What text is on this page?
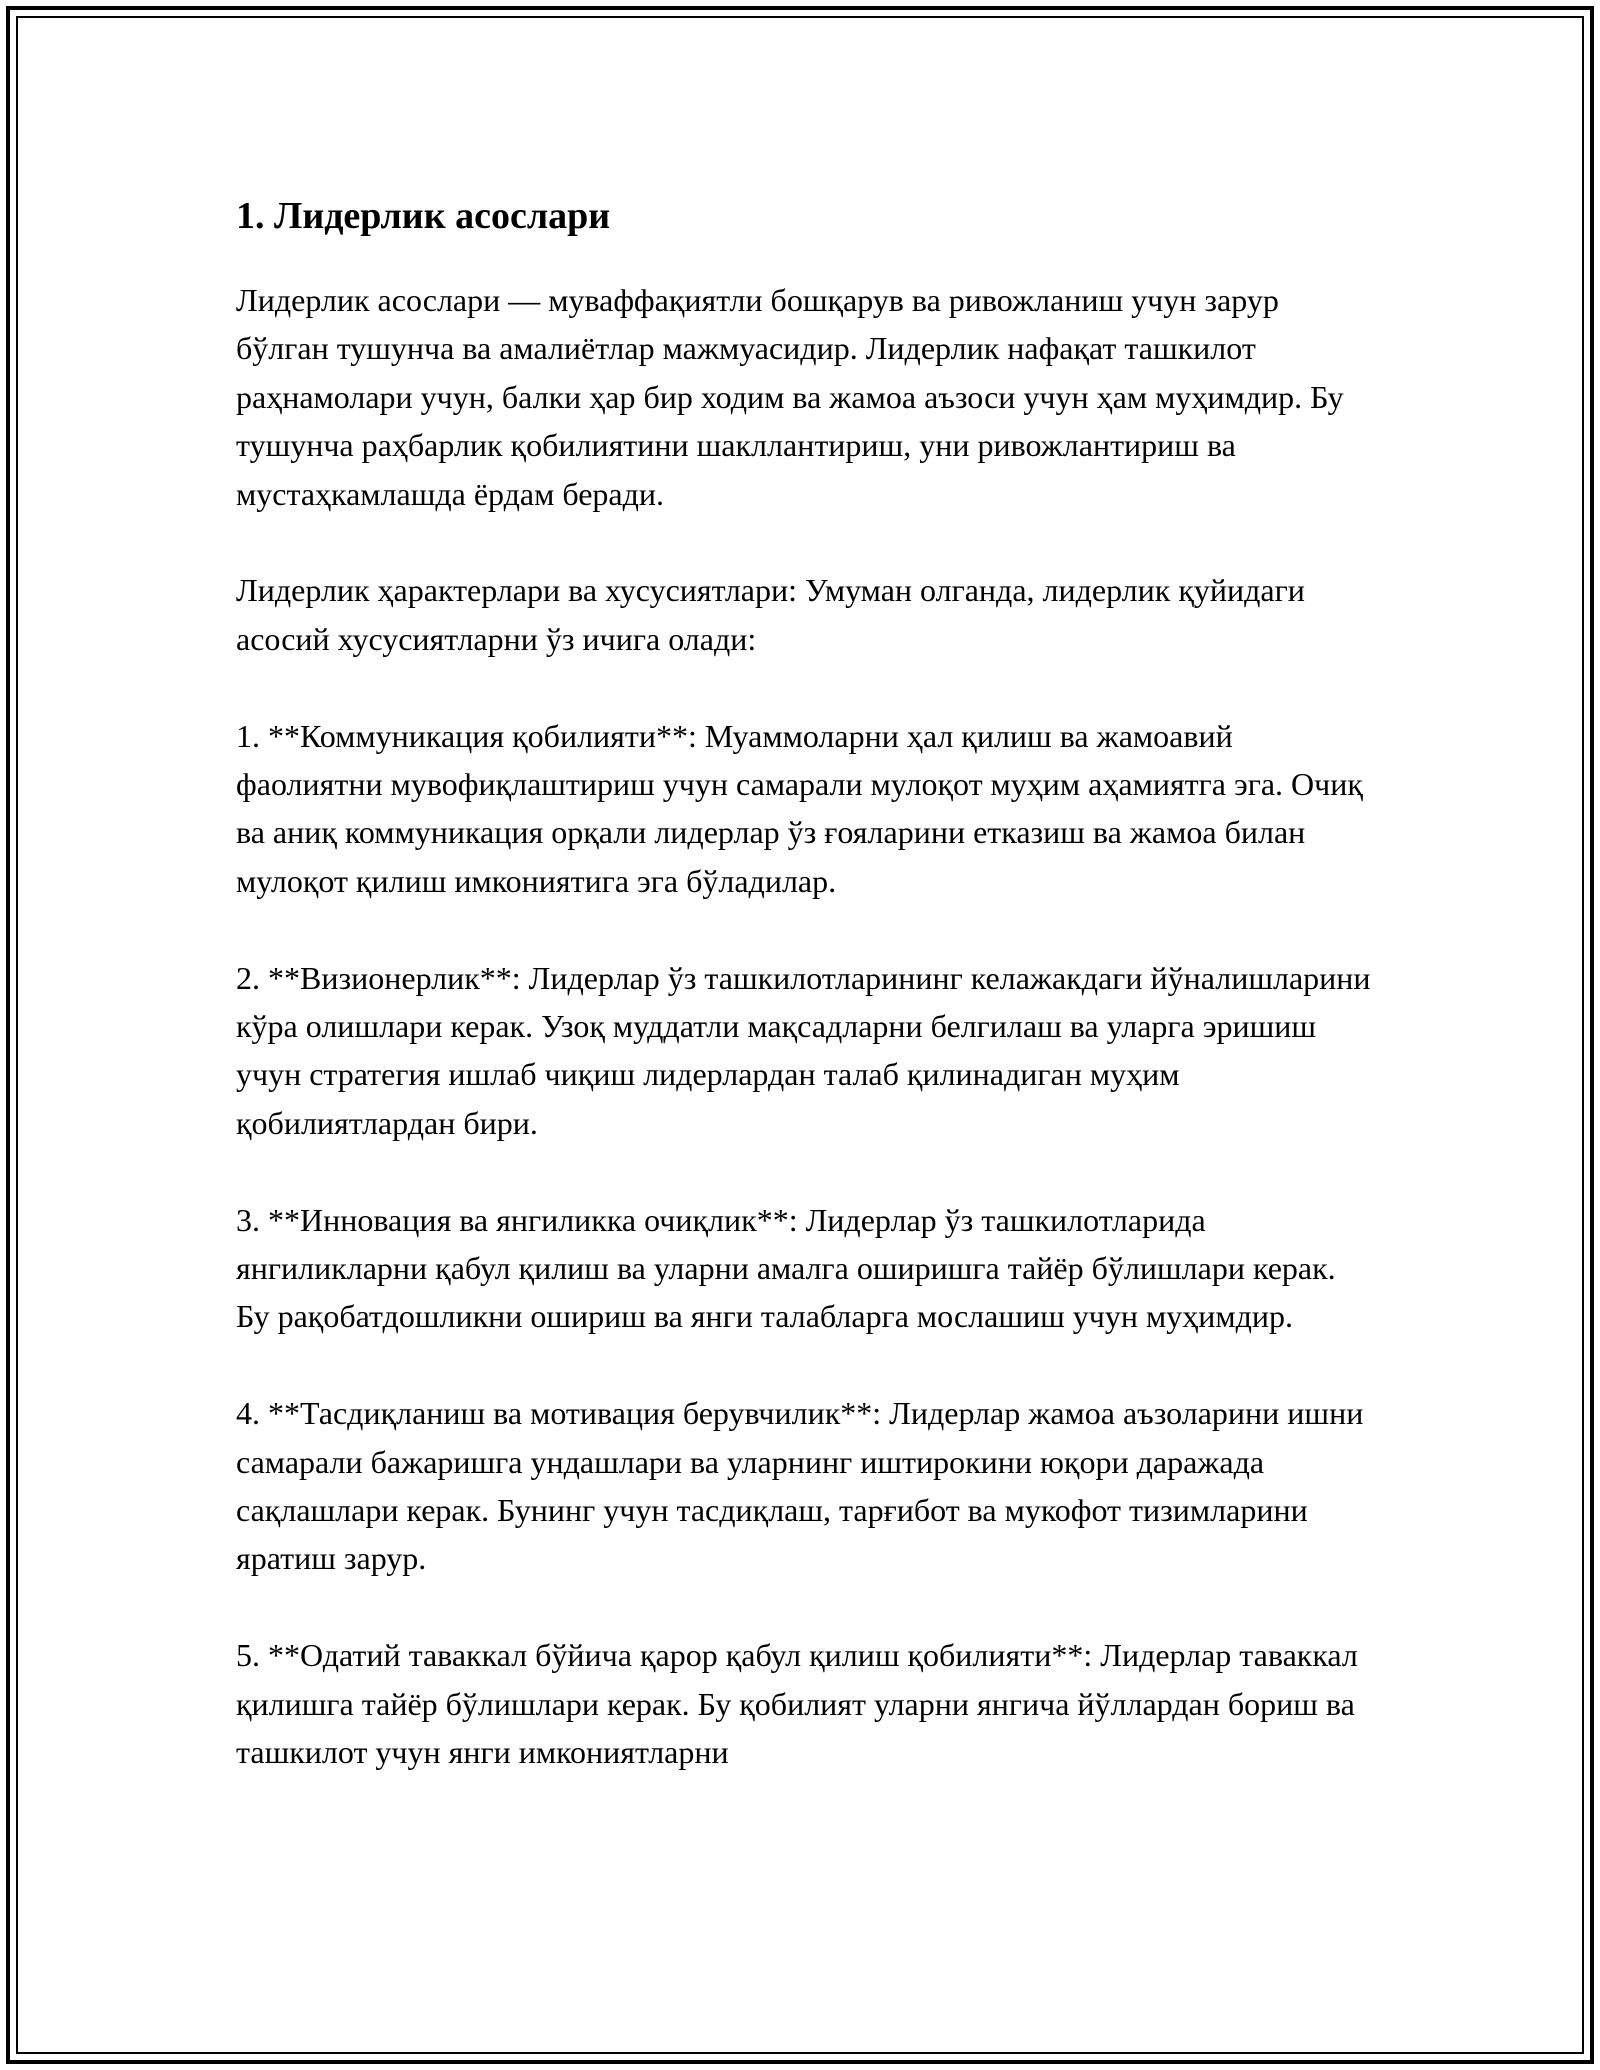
1. Лидерлик асослари

Лидерлик асослари — муваффақиятли бошқарув ва ривожланиш учун зарур бўлган тушунча ва амалиётлар мажмуасидир. Лидерлик нафақат ташкилот раҳнамолари учун, балки ҳар бир ходим ва жамоа аъзоси учун ҳам муҳимдир. Бу тушунча раҳбарлик қобилиятини шакллантириш, уни ривожлантириш ва мустаҳкамлашда ёрдам беради.

Лидерлик ҳарактерлари ва хусусиятлари: Умуман олганда, лидерлик қуйидаги асосий хусусиятларни ўз ичига олади:

1. **Коммуникация қобилияти**: Муаммоларни ҳал қилиш ва жамоавий фаолиятни мувофиқлаштириш учун самарали мулоқот муҳим аҳамиятга эга. Очиқ ва аниқ коммуникация орқали лидерлар ўз ғояларини етказиш ва жамоа билан мулоқот қилиш имкониятига эга бўладилар.

2. **Визионерлик**: Лидерлар ўз ташкилотларининг келажакдаги йўналишларини кўра олишлари керак. Узоқ муддатли мақсадларни белгилаш ва уларга эришиш учун стратегия ишлаб чиқиш лидерлардан талаб қилинадиган муҳим қобилиятлардан бири.

3. **Инновация ва янгиликка очиқлик**: Лидерлар ўз ташкилотларида янгиликларни қабул қилиш ва уларни амалга оширишга тайёр бўлишлари керак. Бу рақобатдошликни ошириш ва янги талабларга мослашиш учун муҳимдир.

4. **Тасдиқланиш ва мотивация берувчилик**: Лидерлар жамоа аъзоларини ишни самарали бажаришга ундашлари ва уларнинг иштирокини юқори даражада сақлашлари керак. Бунинг учун тасдиқлаш, тарғибот ва мукофот тизимларини яратиш зарур.

5. **Одатий таваккал бўйича қарор қабул қилиш қобилияти**: Лидерлар таваккал қилишга тайёр бўлишлари керак. Бу қобилият уларни янгича йўллардан бориш ва ташкилот учун янги имкониятларни
